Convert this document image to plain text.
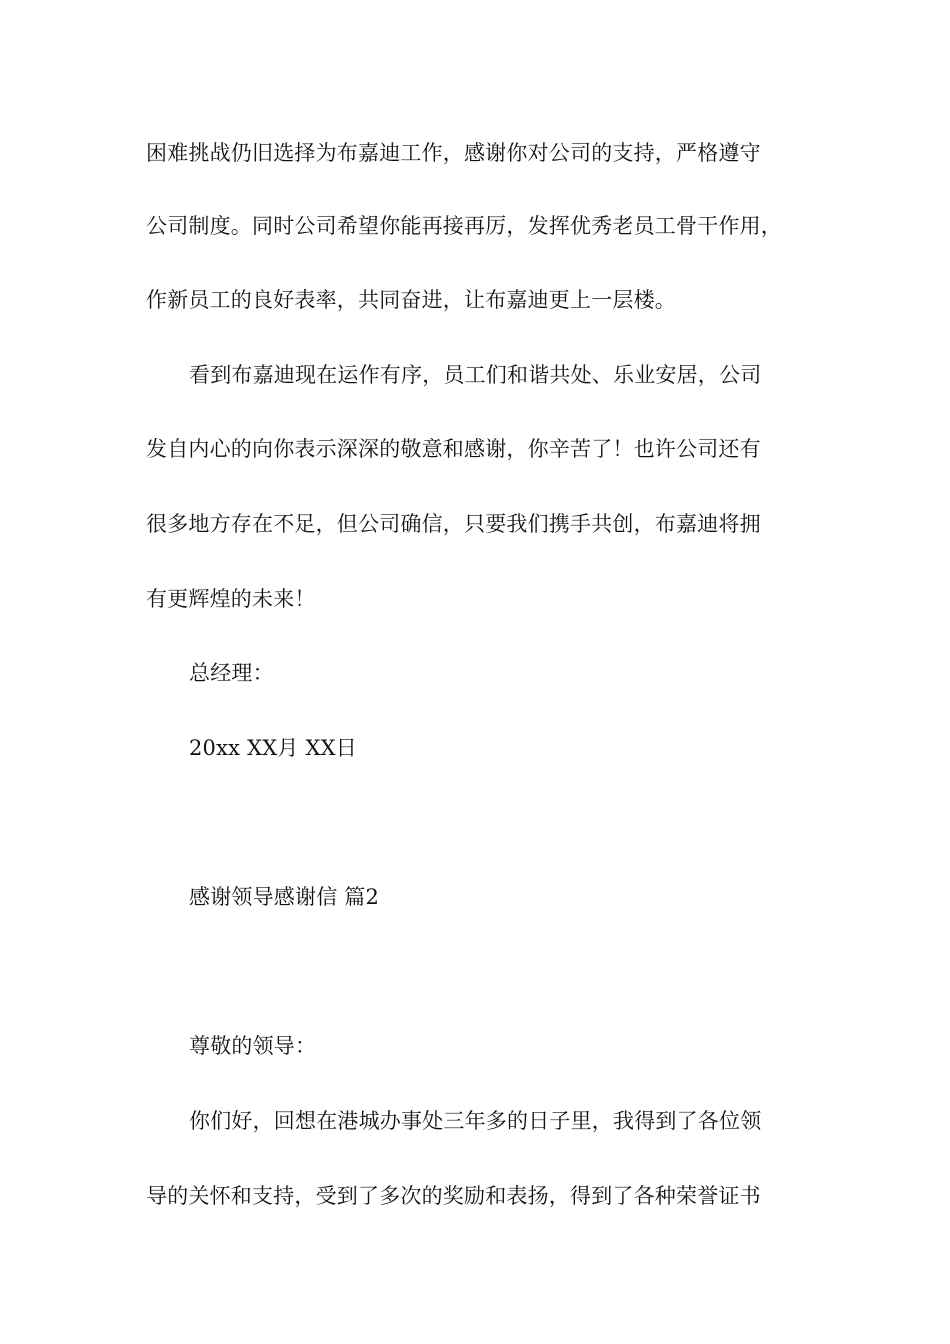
困难挑战仍旧选择为布嘉迪工作，感谢你对公司的支持，严格遵守
公司制度。同时公司希望你能再接再厉，发挥优秀老员工骨干作用，
作新员工的良好表率，共同奋进，让布嘉迪更上一层楼。
看到布嘉迪现在运作有序，员工们和谐共处、乐业安居，公司
发自内心的向你表示深深的敬意和感谢，你辛苦了！也许公司还有
很多地方存在不足，但公司确信，只要我们携手共创，布嘉迪将拥
有更辉煌的未来！
总经理：
20xx XX月 XX日
感谢领导感谢信 篇2
尊敬的领导：
你们好，回想在港城办事处三年多的日子里，我得到了各位领
导的关怀和支持，受到了多次的奖励和表扬，得到了各种荣誉证书
